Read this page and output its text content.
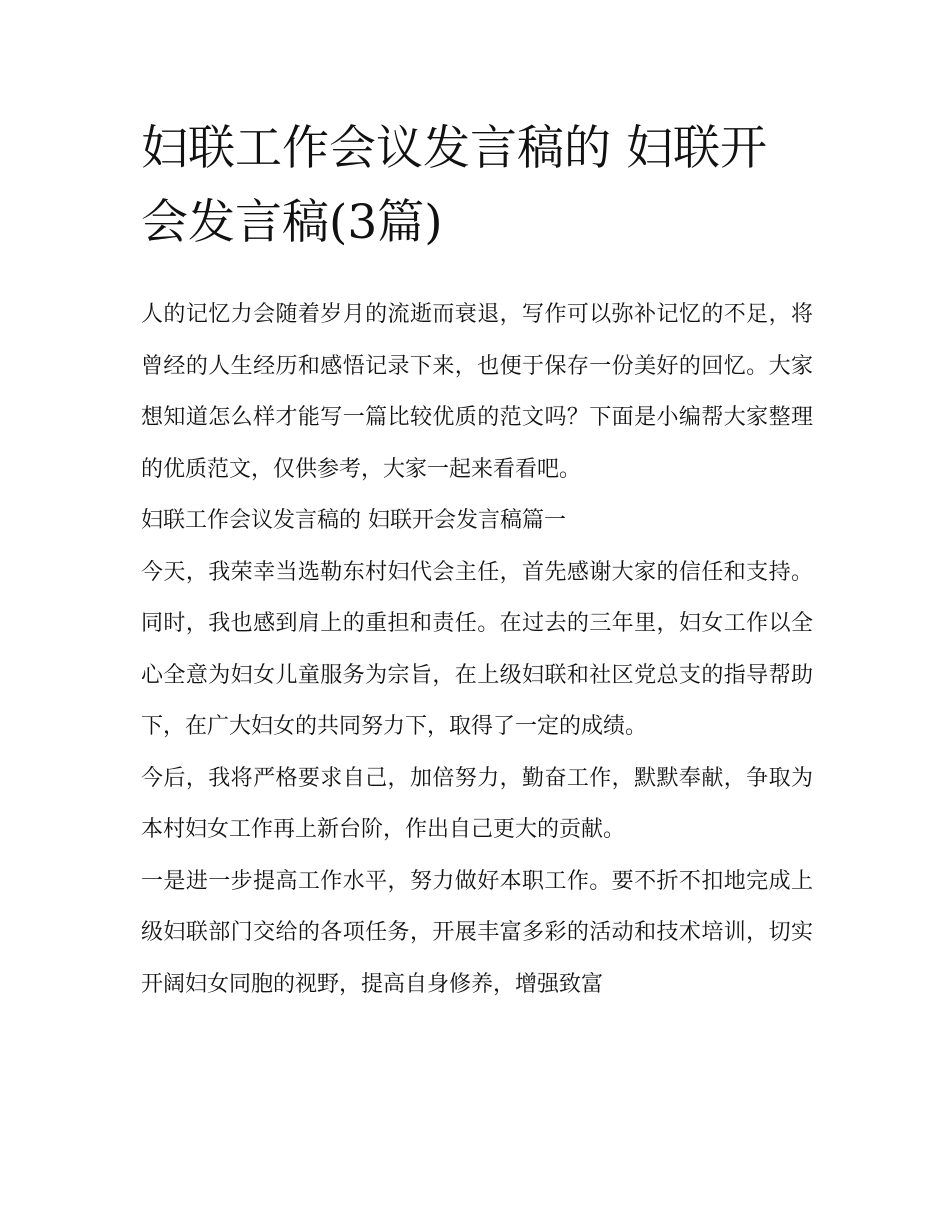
妇联工作会议发言稿的 妇联开会发言稿(3篇)

人的记忆力会随着岁月的流逝而衰退，写作可以弥补记忆的不足，将曾经的人生经历和感悟记录下来，也便于保存一份美好的回忆。大家想知道怎么样才能写一篇比较优质的范文吗？下面是小编帮大家整理的优质范文，仅供参考，大家一起来看看吧。

妇联工作会议发言稿的 妇联开会发言稿篇一

今天，我荣幸当选勒东村妇代会主任，首先感谢大家的信任和支持。同时，我也感到肩上的重担和责任。在过去的三年里，妇女工作以全心全意为妇女儿童服务为宗旨，在上级妇联和社区党总支的指导帮助下，在广大妇女的共同努力下，取得了一定的成绩。

今后，我将严格要求自己，加倍努力，勤奋工作，默默奉献，争取为本村妇女工作再上新台阶，作出自己更大的贡献。

一是进一步提高工作水平，努力做好本职工作。要不折不扣地完成上级妇联部门交给的各项任务，开展丰富多彩的活动和技术培训，切实开阔妇女同胞的视野，提高自身修养，增强致富
